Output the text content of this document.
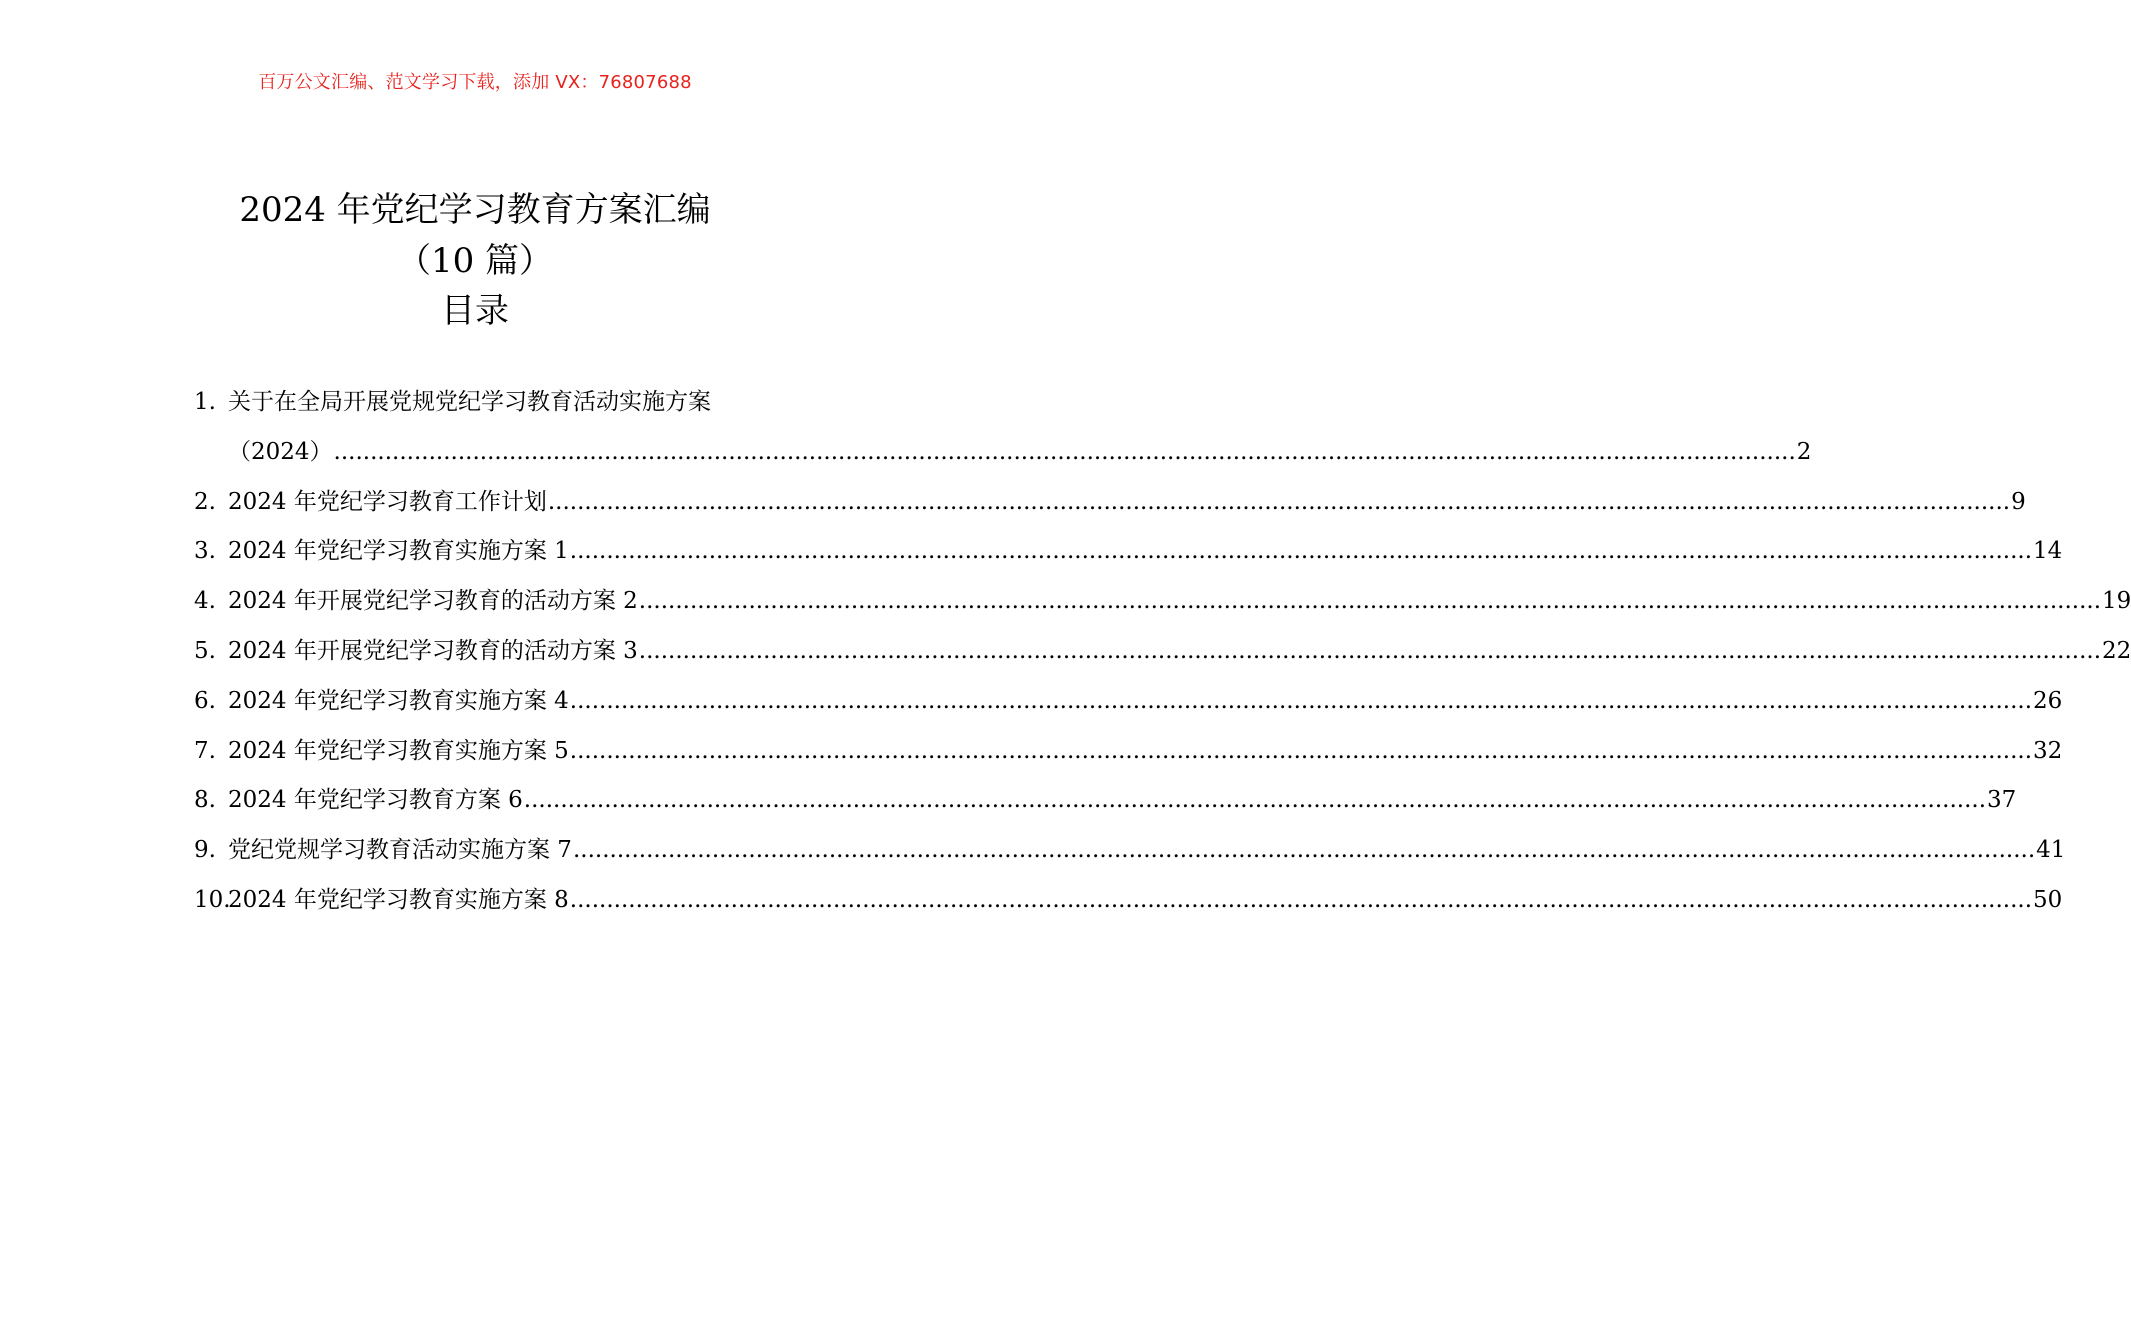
百万公文汇编、范文学习下载，添加 VX：76807688
2024 年党纪学习教育方案汇编
（10 篇）
目录
1. 关于在全局开展党规党纪学习教育活动实施方案
（2024） ........................................................................................................................................................................................................ 2
2. 2024 年党纪学习教育工作计划 ........................................................................................................................................................................................................ 9
3. 2024 年党纪学习教育实施方案 1 ........................................................................................................................................................................................................ 14
4. 2024 年开展党纪学习教育的活动方案 2 ........................................................................................................................................................................................................ 19
5. 2024 年开展党纪学习教育的活动方案 3 ........................................................................................................................................................................................................ 22
6. 2024 年党纪学习教育实施方案 4 ........................................................................................................................................................................................................ 26
7. 2024 年党纪学习教育实施方案 5 ........................................................................................................................................................................................................ 32
8. 2024 年党纪学习教育方案 6 ........................................................................................................................................................................................................ 37
9. 党纪党规学习教育活动实施方案 7 ........................................................................................................................................................................................................ 41
10.
2024 年党纪学习教育实施方案 8 ........................................................................................................................................................................................................ 50
